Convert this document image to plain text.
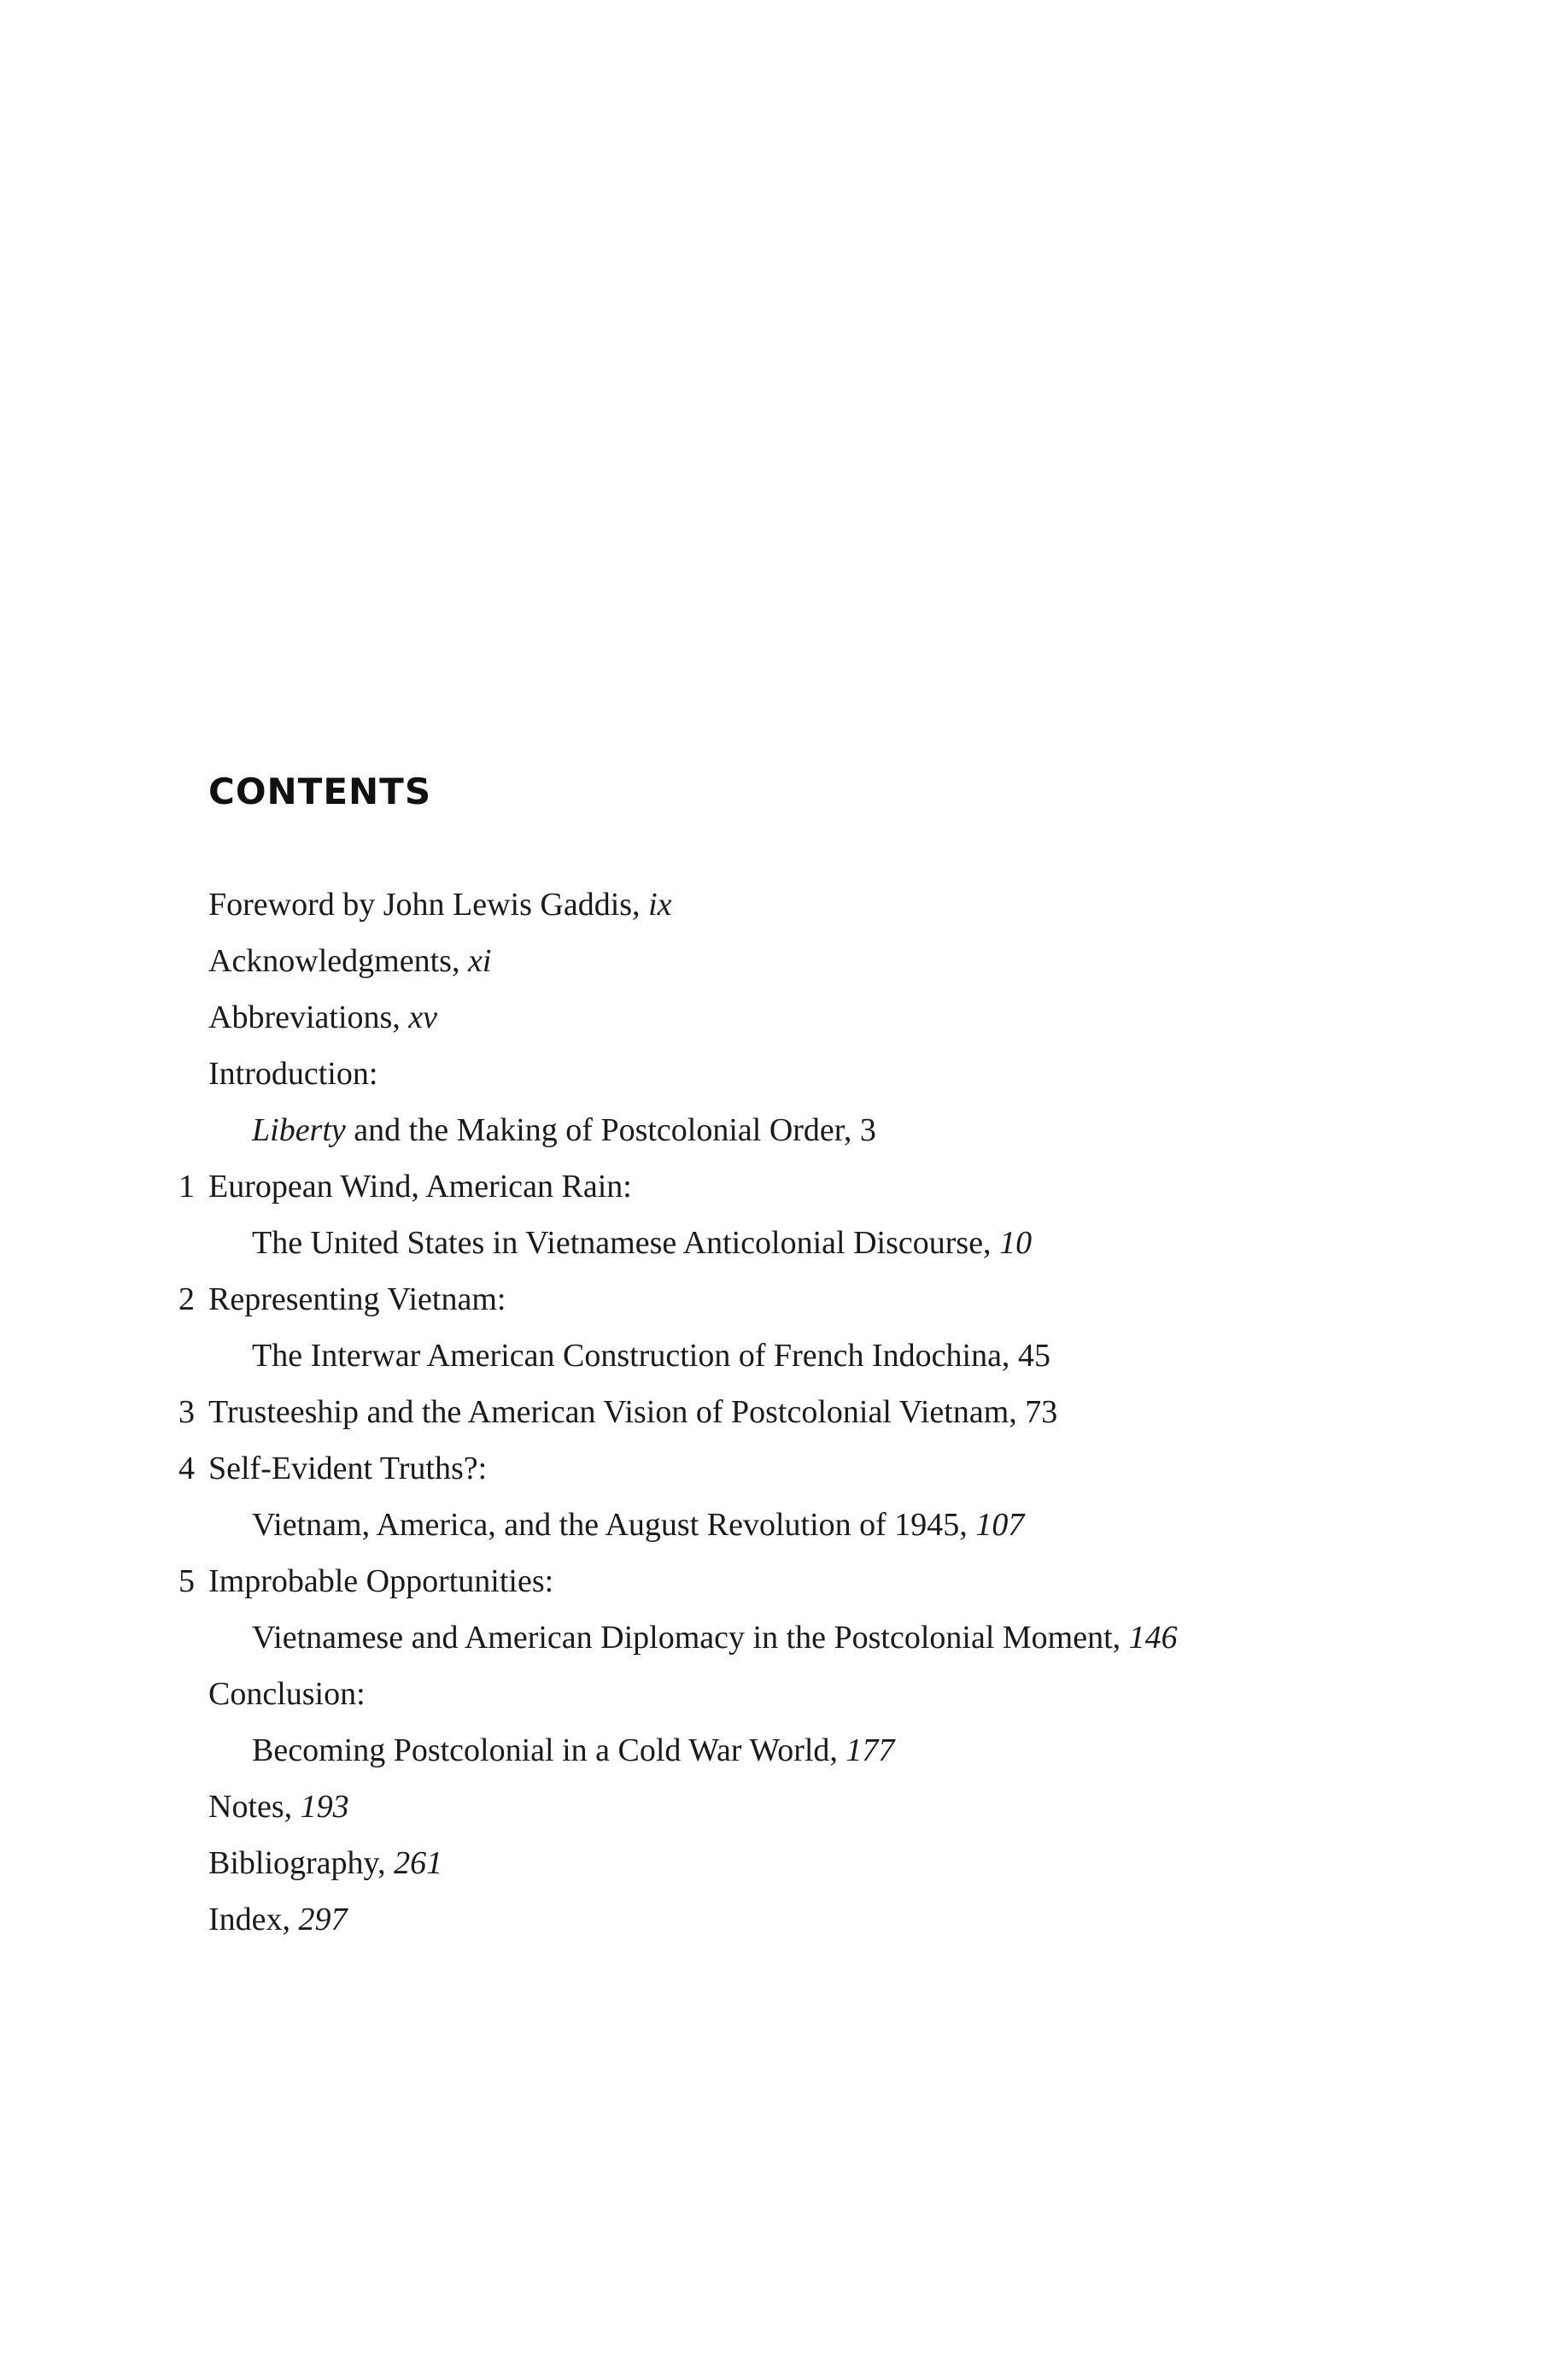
CONTENTS
Foreword by John Lewis Gaddis, ix
Acknowledgments, xi
Abbreviations, xv
Introduction:
Liberty and the Making of Postcolonial Order, 3
1 European Wind, American Rain:
The United States in Vietnamese Anticolonial Discourse, 10
2 Representing Vietnam:
The Interwar American Construction of French Indochina, 45
3 Trusteeship and the American Vision of Postcolonial Vietnam, 73
4 Self-Evident Truths?:
Vietnam, America, and the August Revolution of 1945, 107
5 Improbable Opportunities:
Vietnamese and American Diplomacy in the Postcolonial Moment, 146
Conclusion:
Becoming Postcolonial in a Cold War World, 177
Notes, 193
Bibliography, 261
Index, 297
